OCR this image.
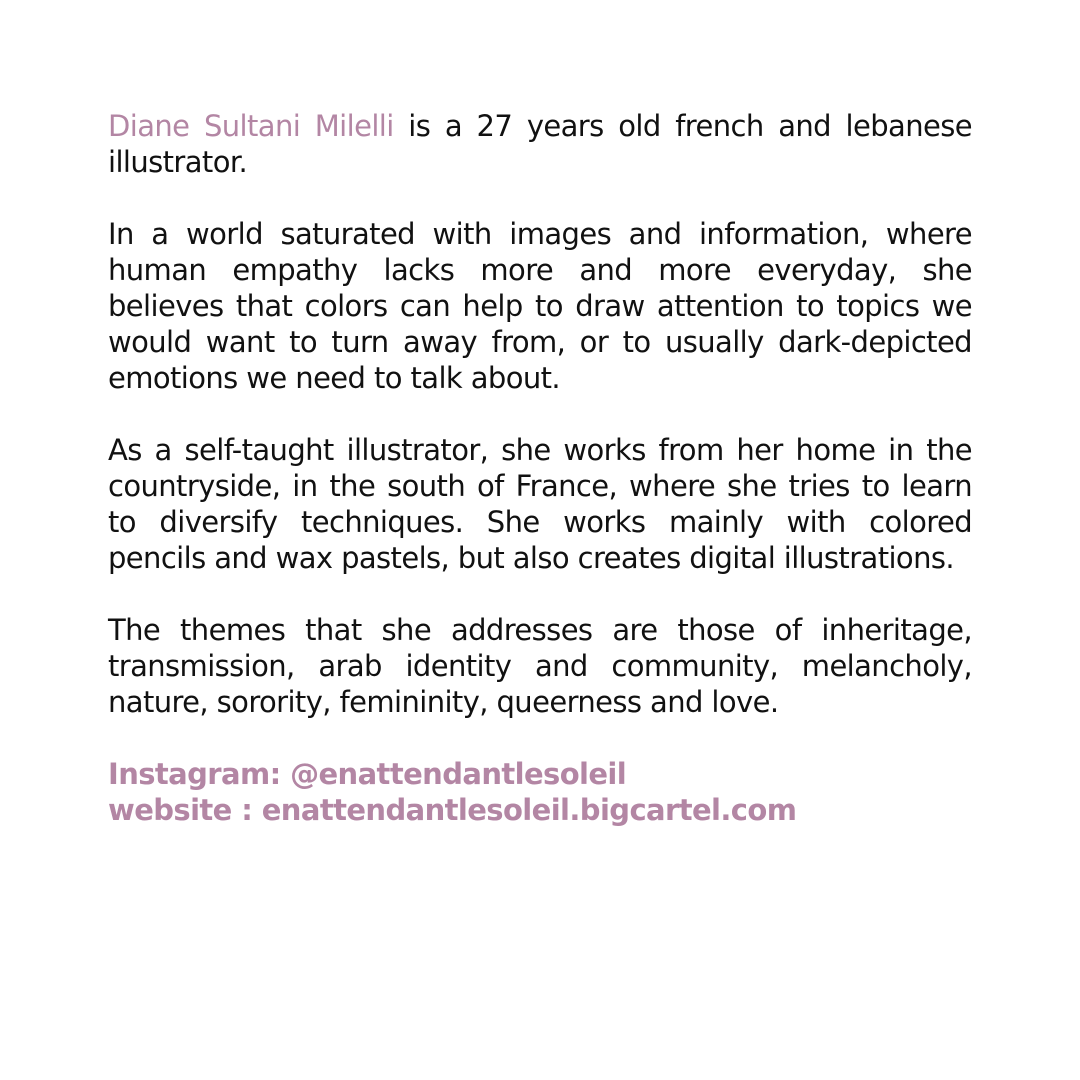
Diane Sultani Milelli is a 27 years old french and lebanese illustrator.

In a world saturated with images and information, where human empathy lacks more and more everyday, she believes that colors can help to draw attention to topics we would want to turn away from, or to usually dark-depicted emotions we need to talk about.

As a self-taught illustrator, she works from her home in the countryside, in the south of France, where she tries to learn to diversify techniques. She works mainly with colored pencils and wax pastels, but also creates digital illustrations.

The themes that she addresses are those of inheritage, transmission, arab identity and community, melancholy, nature, sorority, femininity, queerness and love.

Instagram: @enattendantlesoleil
website : enattendantlesoleil.bigcartel.com
